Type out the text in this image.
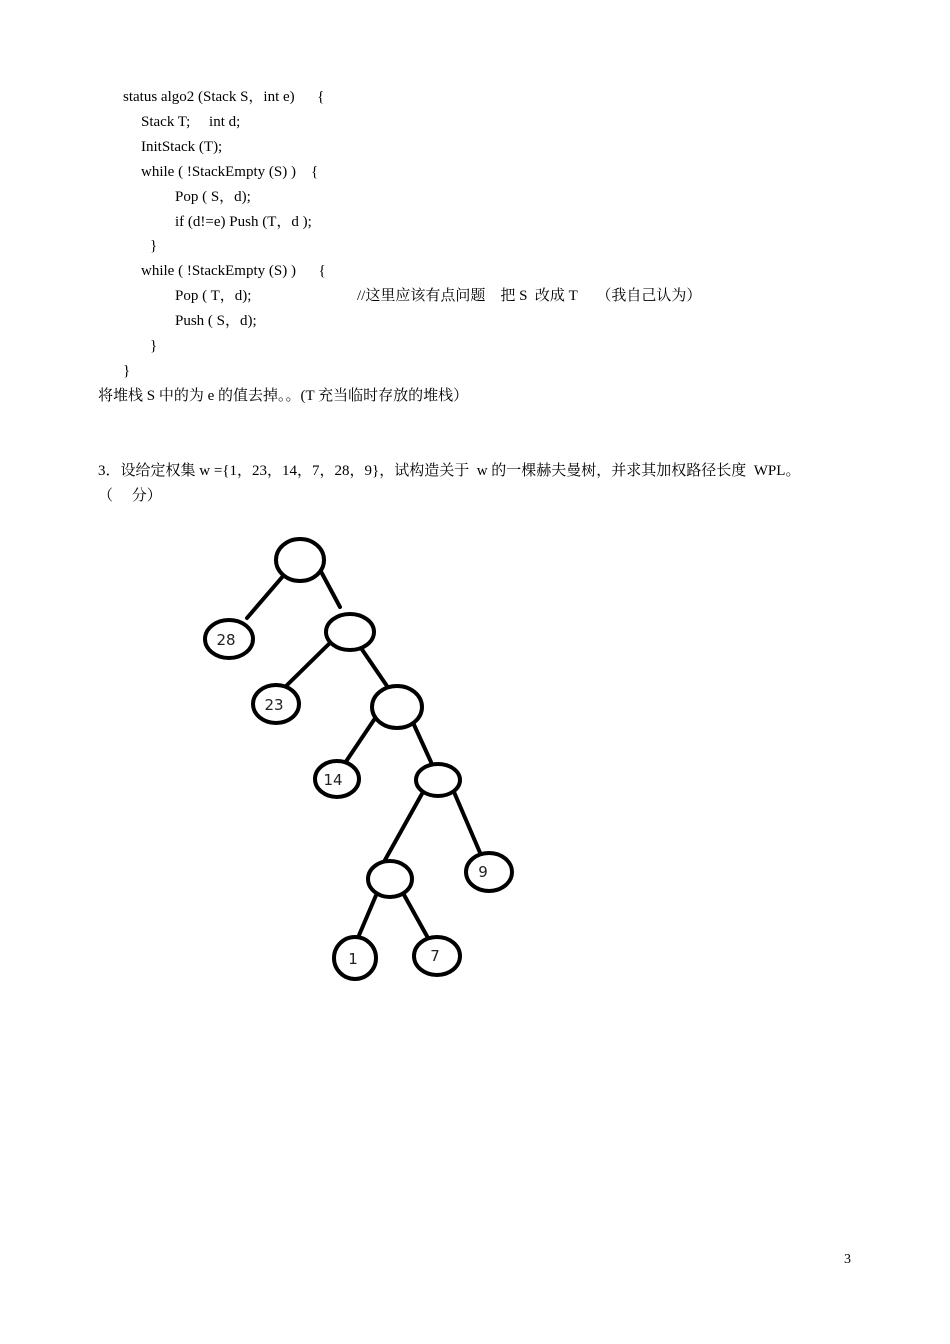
status algo2 (Stack S，int e)      {
Stack T;     int d;
InitStack (T);
while ( !StackEmpty (S) )    {
Pop ( S，d);
if (d!=e) Push (T，d );
}
while ( !StackEmpty (S) )      {
Pop ( T，d);	//这里应该有点问题    把 S  改成 T     （我自己认为）
Push ( S，d);
}
}
将堆栈 S 中的为 e 的值去掉。。(T 充当临时存放的堆栈）
3．设给定权集 w ={1，23，14，7，28，9}，试构造关于  w 的一棵赫夫曼树，并求其加权路径长度  WPL。
（     分）
28
23
14
9
1	7
3
